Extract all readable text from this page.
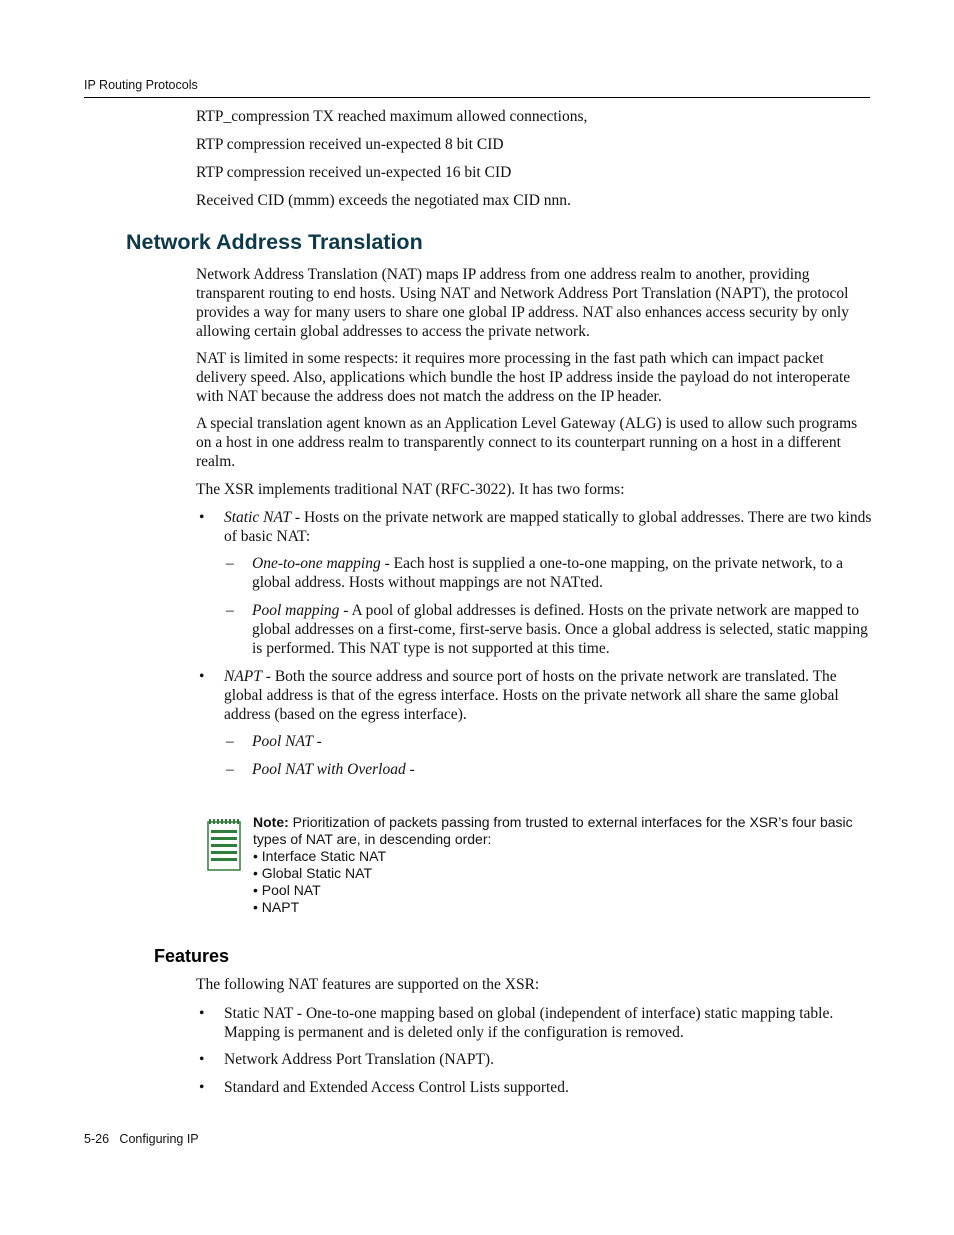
IP Routing Protocols
RTP_compression TX reached maximum allowed connections,
RTP compression received un-expected 8 bit CID
RTP compression received un-expected 16 bit CID
Received CID (mmm) exceeds the negotiated max CID nnn.
Network Address Translation
Network Address Translation (NAT) maps IP address from one address realm to another, providing transparent routing to end hosts. Using NAT and Network Address Port Translation (NAPT), the protocol provides a way for many users to share one global IP address. NAT also enhances access security by only allowing certain global addresses to access the private network.
NAT is limited in some respects: it requires more processing in the fast path which can impact packet delivery speed. Also, applications which bundle the host IP address inside the payload do not interoperate with NAT because the address does not match the address on the IP header.
A special translation agent known as an Application Level Gateway (ALG) is used to allow such programs on a host in one address realm to transparently connect to its counterpart running on a host in a different realm.
The XSR implements traditional NAT (RFC-3022). It has two forms:
• Static NAT - Hosts on the private network are mapped statically to global addresses. There are two kinds of basic NAT:
– One-to-one mapping - Each host is supplied a one-to-one mapping, on the private network, to a global address. Hosts without mappings are not NATted.
– Pool mapping - A pool of global addresses is defined. Hosts on the private network are mapped to global addresses on a first-come, first-serve basis. Once a global address is selected, static mapping is performed. This NAT type is not supported at this time.
• NAPT - Both the source address and source port of hosts on the private network are translated. The global address is that of the egress interface. Hosts on the private network all share the same global address (based on the egress interface).
– Pool NAT -
– Pool NAT with Overload -
Note: Prioritization of packets passing from trusted to external interfaces for the XSR’s four basic types of NAT are, in descending order:
• Interface Static NAT
• Global Static NAT
• Pool NAT
• NAPT
Features
The following NAT features are supported on the XSR:
• Static NAT - One-to-one mapping based on global (independent of interface) static mapping table. Mapping is permanent and is deleted only if the configuration is removed.
• Network Address Port Translation (NAPT).
• Standard and Extended Access Control Lists supported.
5-26   Configuring IP
